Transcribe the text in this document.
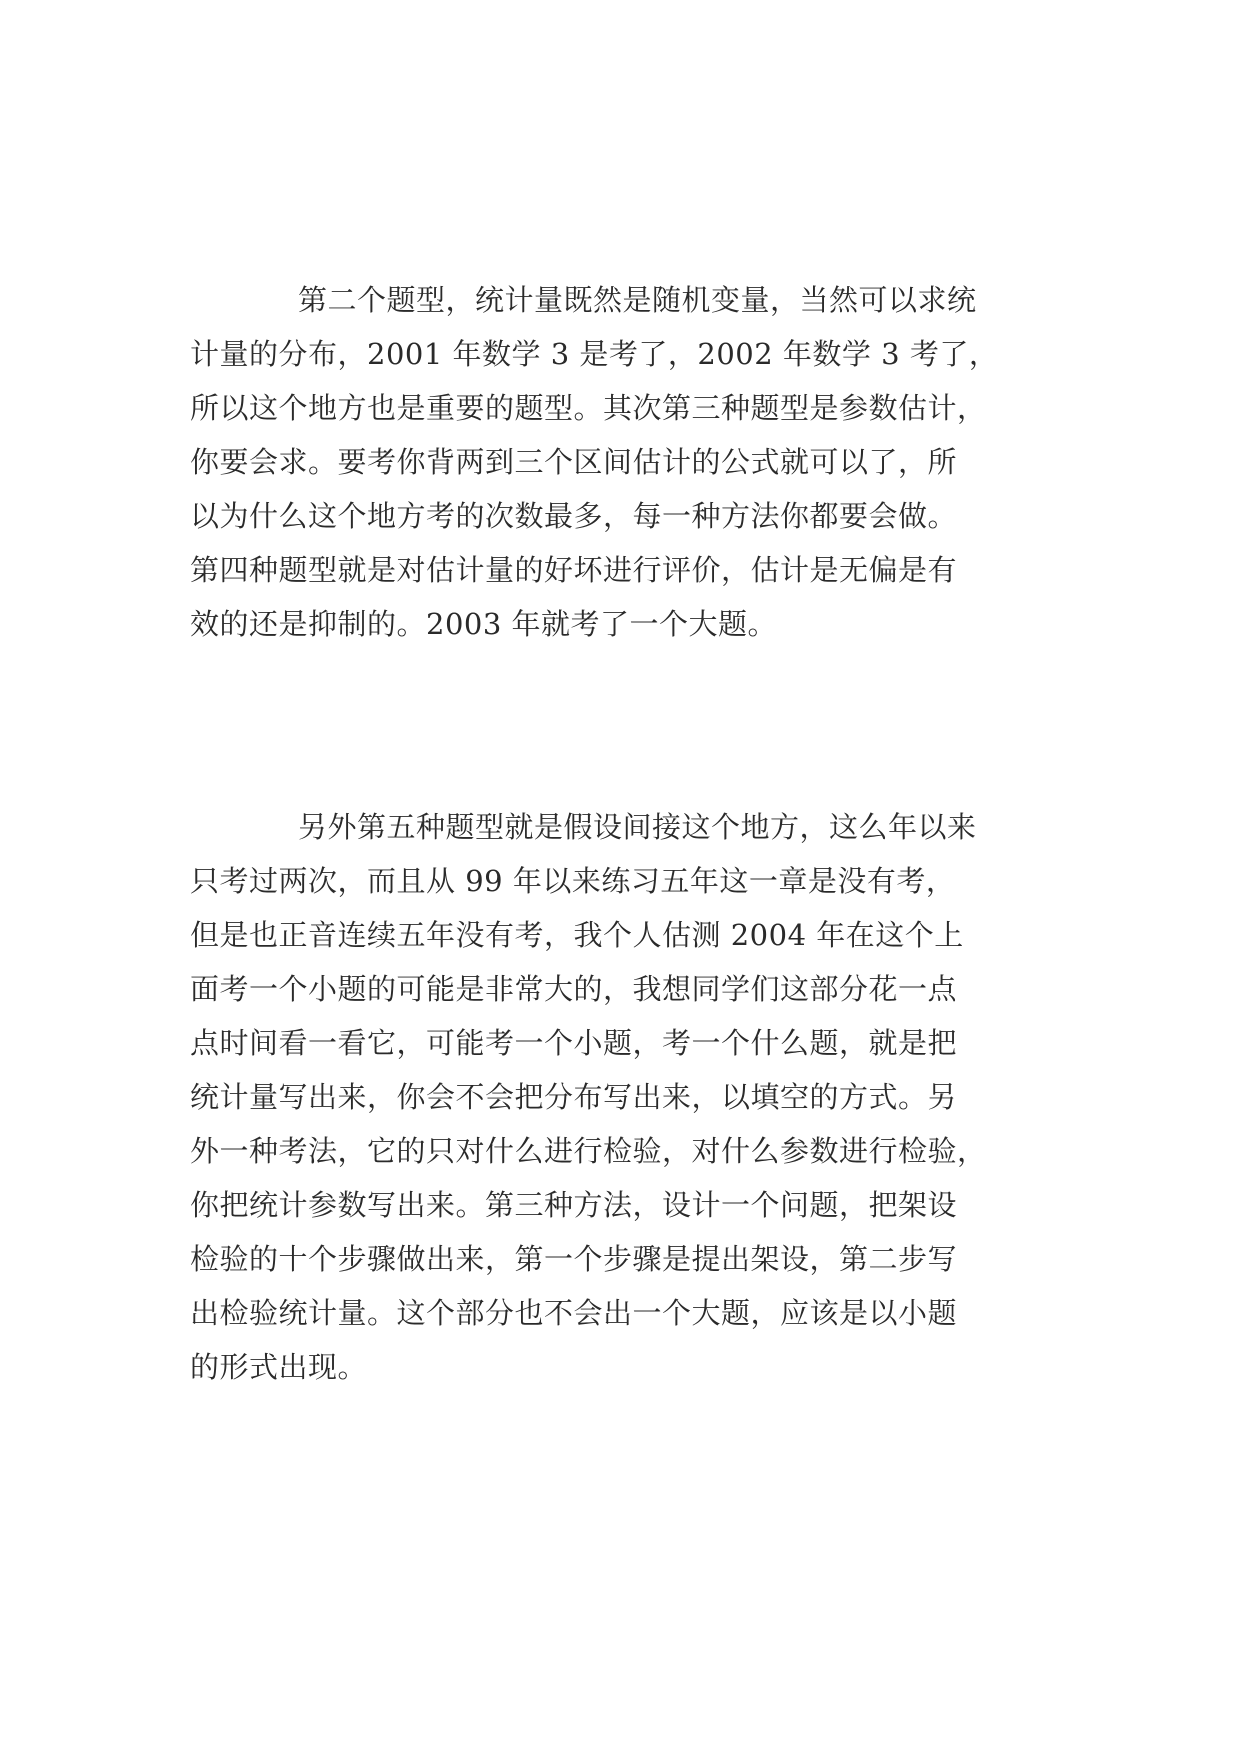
第二个题型，统计量既然是随机变量，当然可以求统
计量的分布，2001 年数学 3 是考了，2002 年数学 3 考了，
所以这个地方也是重要的题型。其次第三种题型是参数估计，
你要会求。要考你背两到三个区间估计的公式就可以了，所
以为什么这个地方考的次数最多，每一种方法你都要会做。
第四种题型就是对估计量的好坏进行评价，估计是无偏是有
效的还是抑制的。2003 年就考了一个大题。
另外第五种题型就是假设间接这个地方，这么年以来
只考过两次，而且从 99 年以来练习五年这一章是没有考，
但是也正音连续五年没有考，我个人估测 2004 年在这个上
面考一个小题的可能是非常大的，我想同学们这部分花一点
点时间看一看它，可能考一个小题，考一个什么题，就是把
统计量写出来，你会不会把分布写出来，以填空的方式。另
外一种考法，它的只对什么进行检验，对什么参数进行检验，
你把统计参数写出来。第三种方法，设计一个问题，把架设
检验的十个步骤做出来，第一个步骤是提出架设，第二步写
出检验统计量。这个部分也不会出一个大题，应该是以小题
的形式出现。
